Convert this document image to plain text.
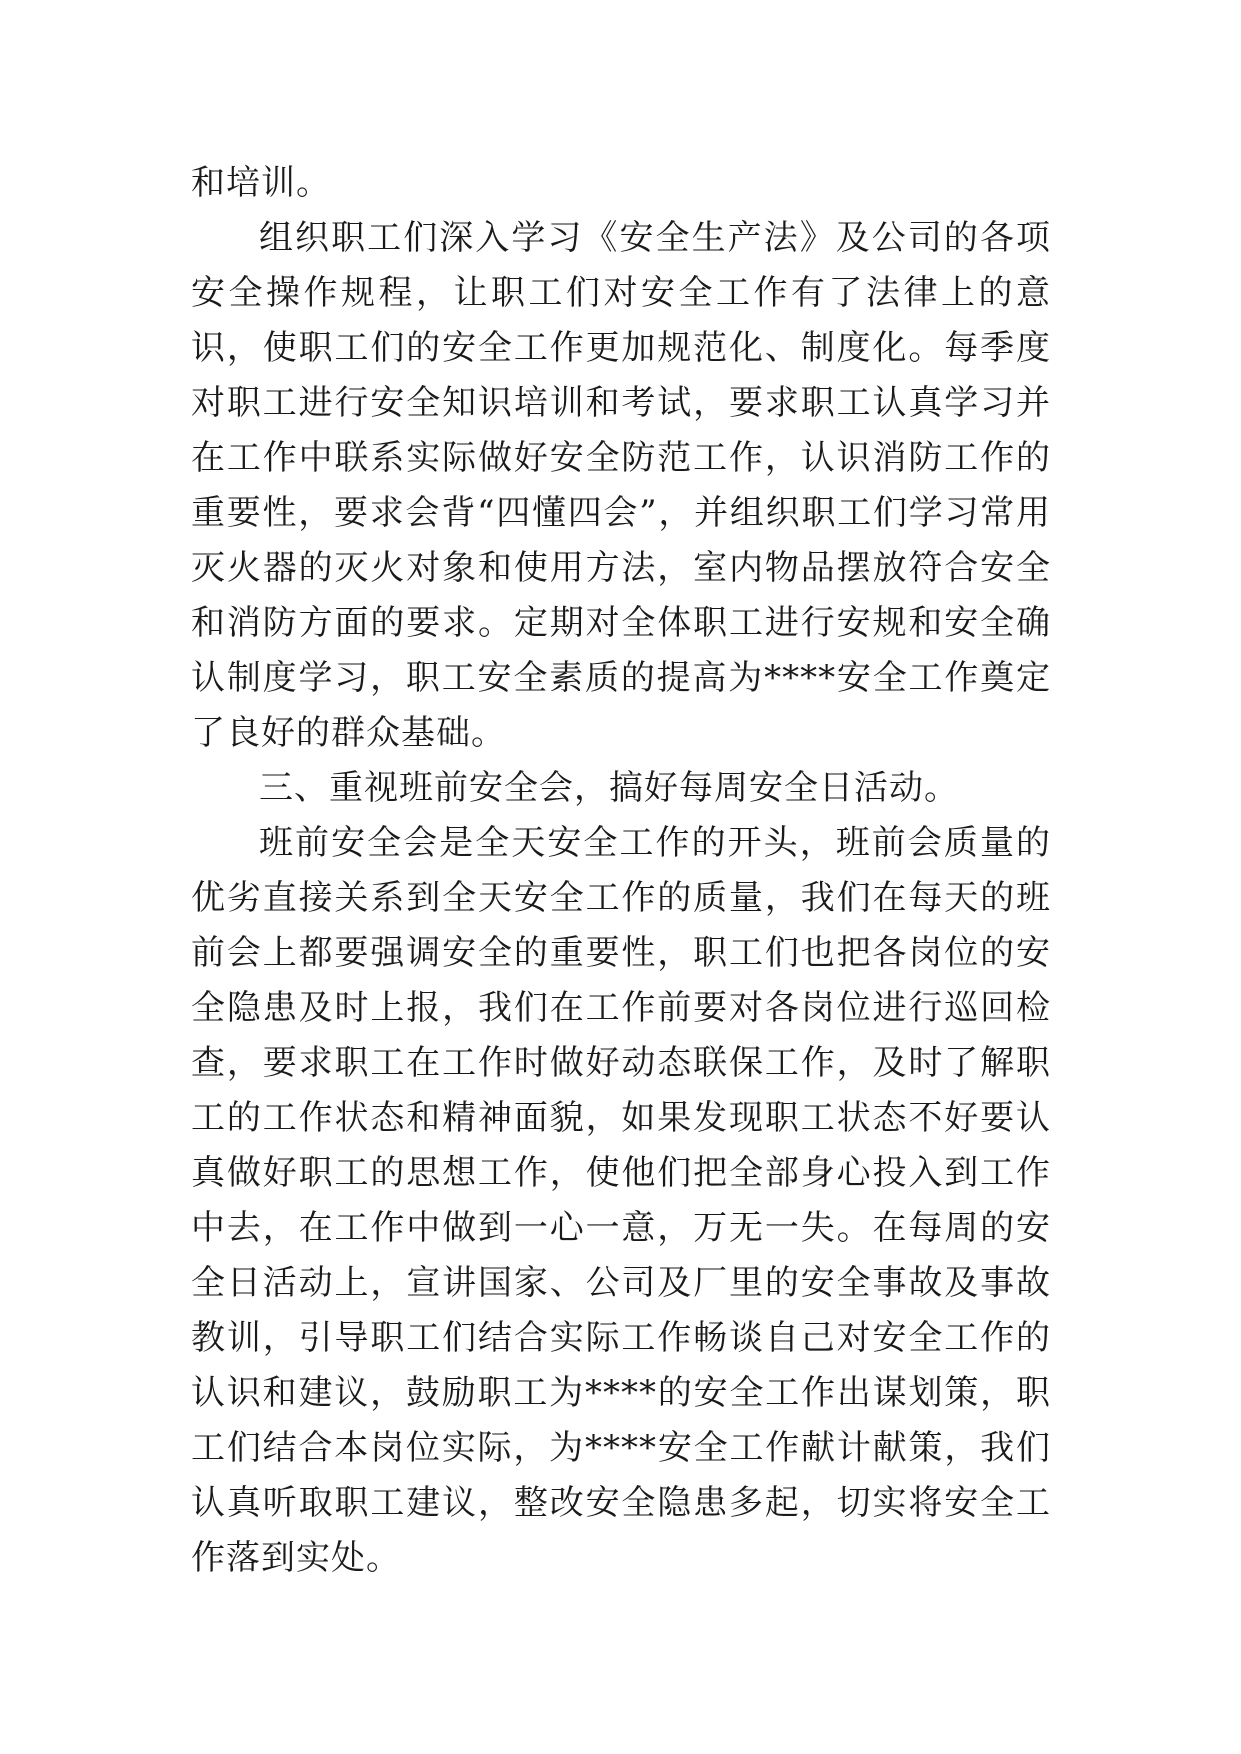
和培训。

组织职工们深入学习《安全生产法》及公司的各项安全操作规程，让职工们对安全工作有了法律上的意识，使职工们的安全工作更加规范化、制度化。每季度对职工进行安全知识培训和考试，要求职工认真学习并在工作中联系实际做好安全防范工作，认识消防工作的重要性，要求会背“四懂四会”，并组织职工们学习常用灭火器的灭火对象和使用方法，室内物品摆放符合安全和消防方面的要求。定期对全体职工进行安规和安全确认制度学习，职工安全素质的提高为****安全工作奠定了良好的群众基础。

三、重视班前安全会，搞好每周安全日活动。

班前安全会是全天安全工作的开头，班前会质量的优劣直接关系到全天安全工作的质量，我们在每天的班前会上都要强调安全的重要性，职工们也把各岗位的安全隐患及时上报，我们在工作前要对各岗位进行巡回检查，要求职工在工作时做好动态联保工作，及时了解职工的工作状态和精神面貌，如果发现职工状态不好要认真做好职工的思想工作，使他们把全部身心投入到工作中去，在工作中做到一心一意，万无一失。在每周的安全日活动上，宣讲国家、公司及厂里的安全事故及事故教训，引导职工们结合实际工作畅谈自己对安全工作的认识和建议，鼓励职工为****的安全工作出谋划策，职工们结合本岗位实际，为****安全工作献计献策，我们认真听取职工建议，整改安全隐患多起，切实将安全工作落到实处。
